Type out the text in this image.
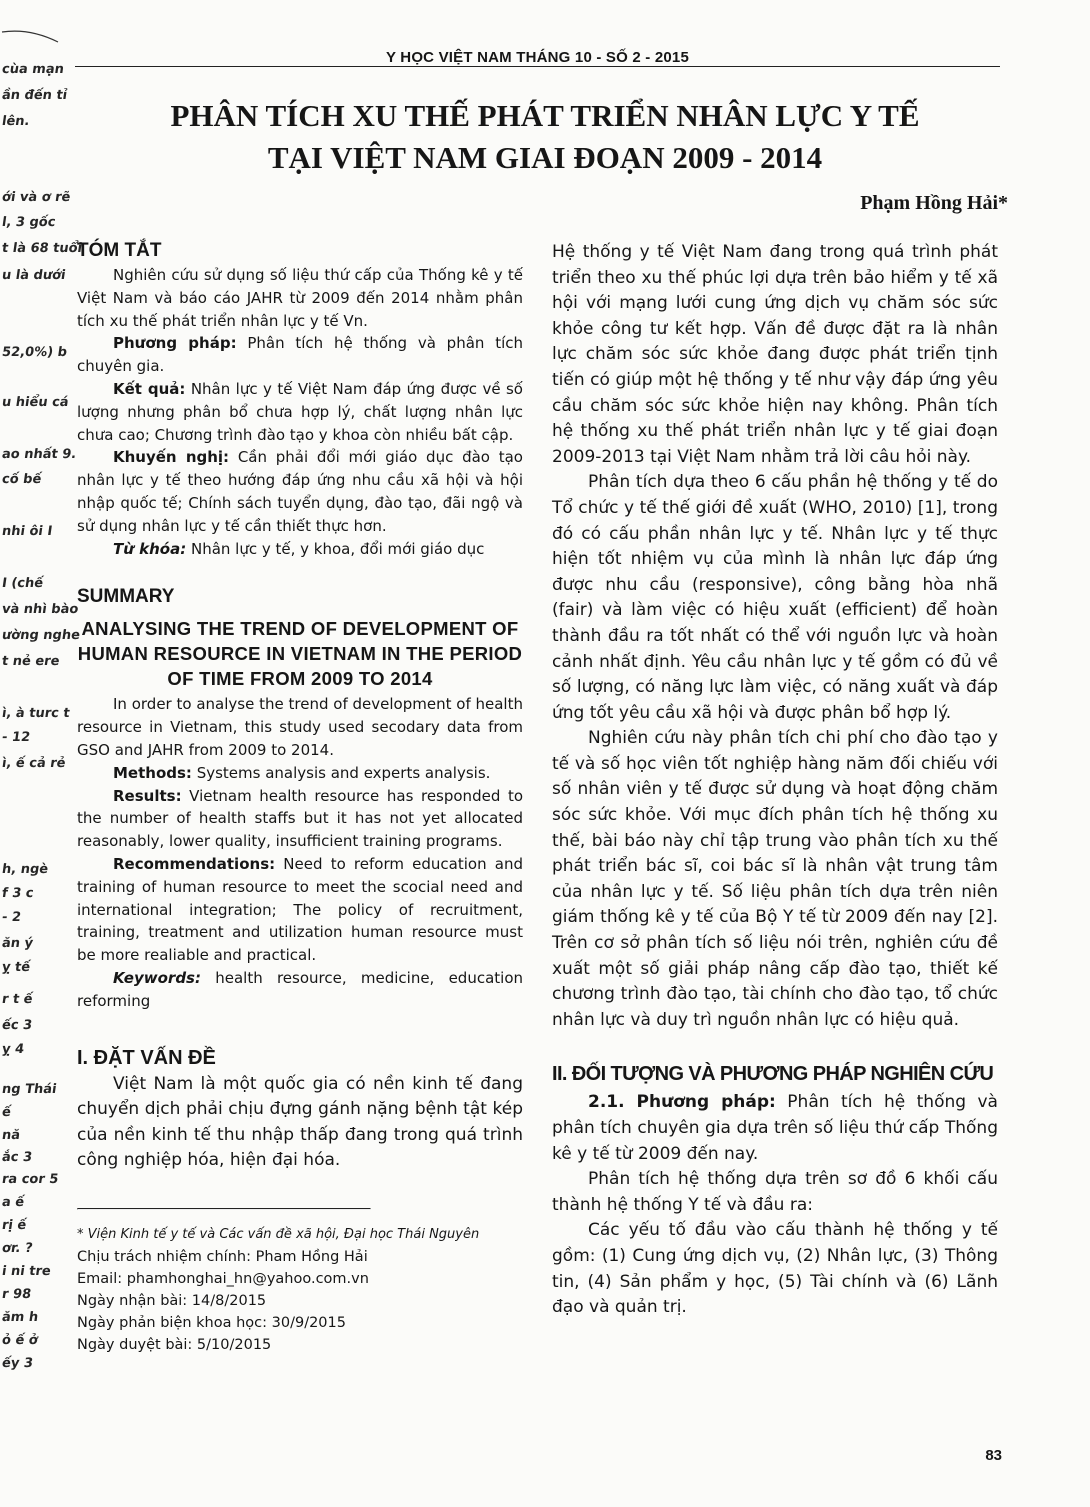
cùa mạn
ần đến tỉ
lên.
ới và ơ rẽ
l, 3 gốc
t là 68 tuổi
u là dưới
52,0%) b
u hiểu cá
ao nhất 9.
cố bế
nhi ôi I
I (chế
và nhì bào
ường nghe
t nẻ ere
ì, à turc t
- 12
ì, ế cả rẻ
h, ngè
f 3 c
- 2
ăn ý
ỵ tế
r t ế
ếc 3
ỵ 4
ng Thái
ế
nă
ắc 3
ra cor 5
a ế
rị ế
ơr. ?
i ni tre
r 98
ăm h
ỏ ế ở
ếy 3
Y HỌC VIỆT NAM THÁNG 10 - SỐ 2 - 2015
PHÂN TÍCH XU THẾ PHÁT TRIỂN NHÂN LỰC Y TẾ
TẠI VIỆT NAM GIAI ĐOẠN 2009 - 2014
Phạm Hồng Hải*
TÓM TẮT

Nghiên cứu sử dụng số liệu thứ cấp của Thống kê y tế Việt Nam và báo cáo JAHR từ 2009 đến 2014 nhằm phân tích xu thế phát triển nhân lực y tế Vn.

Phương pháp: Phân tích hệ thống và phân tích chuyên gia.

Kết quả: Nhân lực y tế Việt Nam đáp ứng được về số lượng nhưng phân bổ chưa hợp lý, chất lượng nhân lực chưa cao; Chương trình đào tạo y khoa còn nhiều bất cập.

Khuyến nghị: Cần phải đổi mới giáo dục đào tạo nhân lực y tế theo hướng đáp ứng nhu cầu xã hội và hội nhập quốc tế; Chính sách tuyển dụng, đào tạo, đãi ngộ và sử dụng nhân lực y tế cần thiết thực hơn.

Từ khóa: Nhân lực y tế, y khoa, đổi mới giáo dục

SUMMARY
ANALYSING THE TREND OF DEVELOPMENT OF HUMAN RESOURCE IN VIETNAM IN THE PERIOD OF TIME FROM 2009 TO 2014

In order to analyse the trend of development of health resource in Vietnam, this study used secodary data from GSO and JAHR from 2009 to 2014.

Methods: Systems analysis and experts analysis.

Results: Vietnam health resource has responded to the number of health staffs but it has not yet allocated reasonably, lower quality, insufficient training programs.

Recommendations: Need to reform education and training of human resource to meet the scocial need and international integration; The policy of recruitment, training, treatment and utilization human resource must be more realiable and practical.

Keywords: health resource, medicine, education reforming

I. ĐẶT VẤN ĐỀ

Việt Nam là một quốc gia có nền kinh tế đang chuyển dịch phải chịu đựng gánh nặng bệnh tật kép của nền kinh tế thu nhập thấp đang trong quá trình công nghiệp hóa, hiện đại hóa.

* Viện Kinh tế y tế và Các vấn đề xã hội, Đại học Thái Nguyên

Chịu trách nhiệm chính: Pham Hồng Hải

Email: phamhonghai_hn@yahoo.com.vn

Ngày nhận bài: 14/8/2015

Ngày phản biện khoa học: 30/9/2015

Ngày duyệt bài: 5/10/2015

Hệ thống y tế Việt Nam đang trong quá trình phát triển theo xu thế phúc lợi dựa trên bảo hiểm y tế xã hội với mạng lưới cung ứng dịch vụ chăm sóc sức khỏe công tư kết hợp. Vấn đề được đặt ra là nhân lực chăm sóc sức khỏe đang được phát triển tịnh tiến có giúp một hệ thống y tế như vậy đáp ứng yêu cầu chăm sóc sức khỏe hiện nay không. Phân tích hệ thống xu thế phát triển nhân lực y tế giai đoạn 2009-2013 tại Việt Nam nhằm trả lời câu hỏi này.

Phân tích dựa theo 6 cấu phần hệ thống y tế do Tổ chức y tế thế giới đề xuất (WHO, 2010) [1], trong đó có cấu phần nhân lực y tế. Nhân lực y tế thực hiện tốt nhiệm vụ của mình là nhân lực đáp ứng được nhu cầu (responsive), công bằng hòa nhã (fair) và làm việc có hiệu xuất (efficient) để hoàn thành đầu ra tốt nhất có thể với nguồn lực và hoàn cảnh nhất định. Yêu cầu nhân lực y tế gồm có đủ về số lượng, có năng lực làm việc, có năng xuất và đáp ứng tốt yêu cầu xã hội và được phân bổ hợp lý.

Nghiên cứu này phân tích chi phí cho đào tạo y tế và số học viên tốt nghiệp hàng năm đối chiếu với số nhân viên y tế được sử dụng và hoạt động chăm sóc sức khỏe. Với mục đích phân tích hệ thống xu thế, bài báo này chỉ tập trung vào phân tích xu thế phát triển bác sĩ, coi bác sĩ là nhân vật trung tâm của nhân lực y tế. Số liệu phân tích dựa trên niên giám thống kê y tế của Bộ Y tế từ 2009 đến nay [2]. Trên cơ sở phân tích số liệu nói trên, nghiên cứu đề xuất một số giải pháp nâng cấp đào tạo, thiết kế chương trình đào tạo, tài chính cho đào tạo, tổ chức nhân lực và duy trì nguồn nhân lực có hiệu quả.

II. ĐỐI TƯỢNG VÀ PHƯƠNG PHÁP NGHIÊN CỨU

2.1. Phương pháp: Phân tích hệ thống và phân tích chuyên gia dựa trên số liệu thứ cấp Thống kê y tế từ 2009 đến nay.

Phân tích hệ thống dựa trên sơ đồ 6 khối cấu thành hệ thống Y tế và đầu ra:

Các yếu tố đầu vào cấu thành hệ thống y tế gồm: (1) Cung ứng dịch vụ, (2) Nhân lực, (3) Thông tin, (4) Sản phẩm y học, (5) Tài chính và (6) Lãnh đạo và quản trị.

83
